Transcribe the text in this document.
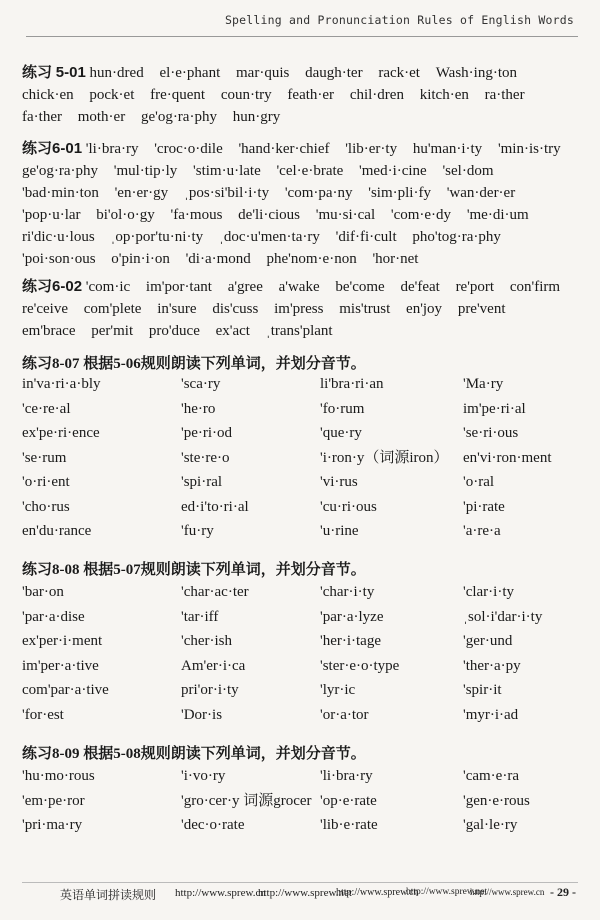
Spelling and Pronunciation Rules of English Words
练习 5-01 hun·dred el·e·phant mar·quis daugh·ter rack·et Wash·ing·ton chick·en pock·et fre·quent coun·try feath·er chil·dren kitch·en ra·ther fa·ther moth·er ge'og·ra·phy hun·gry
练习6-01 'li·bra·ry 'croc·o·dile 'hand·ker·chief 'lib·er·ty hu'man·i·ty 'min·is·try ge'og·ra·phy 'mul·tip·ly 'stim·u·late 'cel·e·brate 'med·i·cine 'sel·dom 'bad·min·ton 'en·er·gy ˌpos·si'bil·i·ty 'com·pa·ny 'sim·pli·fy 'wan·der·er 'pop·u·lar bi'ol·o·gy 'fa·mous de'li·cious 'mu·si·cal 'com·e·dy 'me·di·um ri'dic·u·lous ˌop·por'tu·ni·ty ˌdoc·u'men·ta·ry 'dif·fi·cult pho'tog·ra·phy 'poi·son·ous o'pin·i·on 'di·a·mond phe'nom·e·non 'hor·net
练习6-02 'com·ic im'por·tant a'gree a'wake be'come de'feat re'port con'firm re'ceive com'plete in'sure dis'cuss im'press mis'trust en'joy pre'vent em'brace per'mit pro'duce ex'act ˌtrans'plant
练习8-07 根据5-06规则朗读下列单词，并划分音节。
in'va·ri·a·bly	'sca·ry	li'bra·ri·an	'Ma·ry
'ce·re·al	'he·ro	'fo·rum	im'pe·ri·al
ex'pe·ri·ence	'pe·ri·od	'que·ry	'se·ri·ous
'se·rum	'ste·re·o	'i·ron·y（词源iron） en'vi·ron·ment
'o·ri·ent	'spi·ral	'vi·rus	'o·ral
'cho·rus	ed·i'to·ri·al	'cu·ri·ous	'pi·rate
en'du·rance	'fu·ry	'u·rine	'a·re·a
练习8-08 根据5-07规则朗读下列单词，并划分音节。
'bar·on	'char·ac·ter	'char·i·ty	'clar·i·ty
'par·a·dise	'tar·iff	'par·a·lyze	ˌsol·i'dar·i·ty
ex'per·i·ment	'cher·ish	'her·i·tage	'ger·und
im'per·a·tive	Am'er·i·ca	'ster·e·o·type	'ther·a·py
com'par·a·tive	pri'or·i·ty	'lyr·ic	'spir·it
'for·est	'Dor·is	'or·a·tor	'myr·i·ad
练习8-09 根据5-08规则朗读下列单词，并划分音节。
'hu·mo·rous	'i·vo·ry	'li·bra·ry	'cam·e·ra
'em·pe·ror	'gro·cer·y 词源grocer 'op·e·rate	'gen·e·rous
'pri·ma·ry	'dec·o·rate	'lib·e·rate	'gal·le·ry
英语单词拼读规则 http://www.sprew.cn
http://www.sprew.net
http://www.sprew.cn
http://www.sprew.net
http://www.sprew.cn - 29 -
